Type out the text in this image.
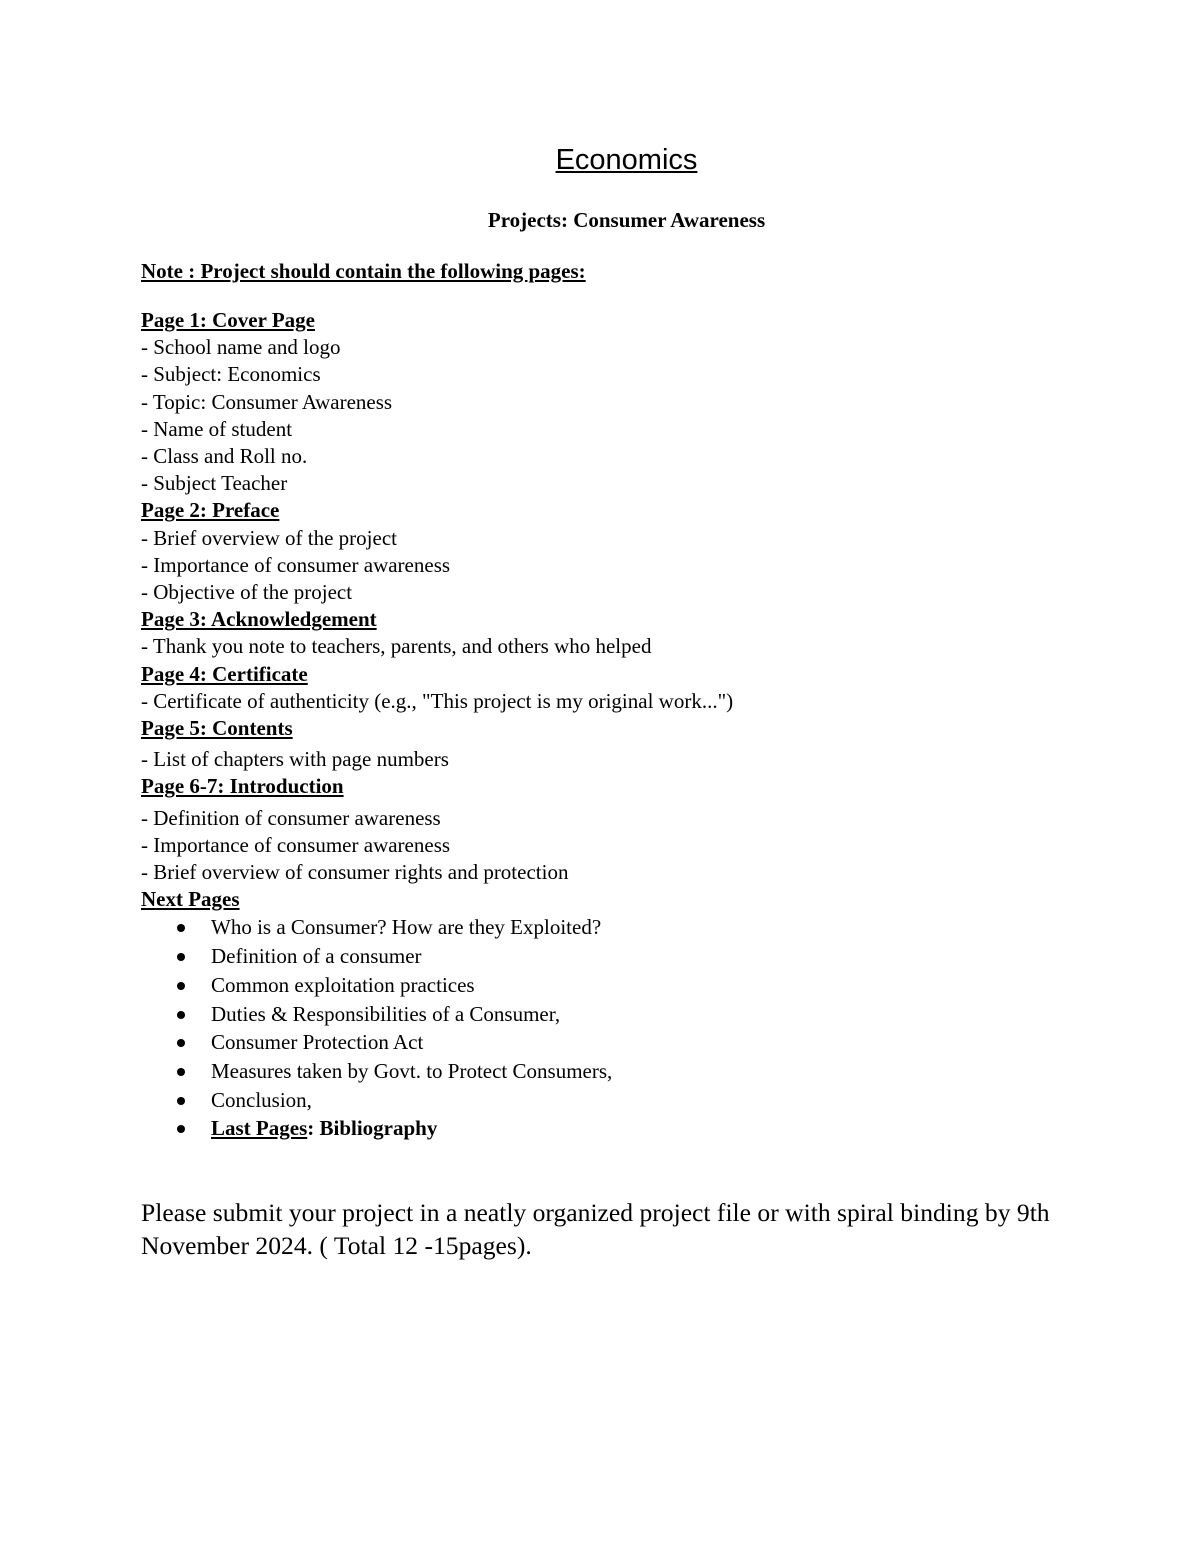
Economics
Projects: Consumer Awareness
Note : Project should contain the following pages:

Page 1: Cover Page

- School name and logo

- Subject: Economics

- Topic: Consumer Awareness

- Name of student

- Class and Roll no.

- Subject Teacher

Page 2: Preface

- Brief overview of the project

- Importance of consumer awareness

- Objective of the project

Page 3: Acknowledgement

- Thank you note to teachers, parents, and others who helped

Page 4: Certificate

- Certificate of authenticity (e.g., "This project is my original work...")

Page 5: Contents

- List of chapters with page numbers

Page 6-7: Introduction

- Definition of consumer awareness

- Importance of consumer awareness

- Brief overview of consumer rights and protection

Next Pages

Who is a Consumer? How are they Exploited?
Definition of a consumer
Common exploitation practices
Duties & Responsibilities of a Consumer,
Consumer Protection Act
Measures taken by Govt. to Protect Consumers,
Conclusion,
Last Pages: Bibliography
Please submit your project in a neatly organized project file or with spiral binding by 9th November 2024. ( Total 12 -15pages).
